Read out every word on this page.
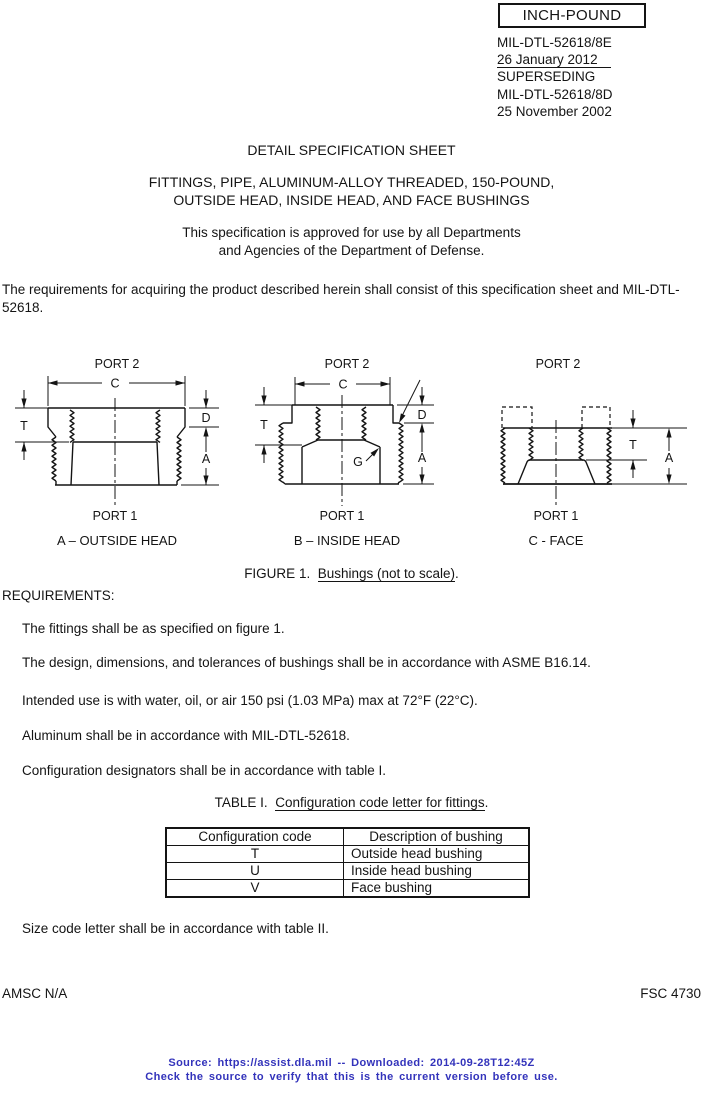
INCH-POUND
MIL-DTL-52618/8E
26 January 2012
SUPERSEDING
MIL-DTL-52618/8D
25 November 2002
DETAIL SPECIFICATION SHEET
FITTINGS, PIPE, ALUMINUM-ALLOY THREADED, 150-POUND,
OUTSIDE HEAD, INSIDE HEAD, AND FACE BUSHINGS
This specification is approved for use by all Departments
and Agencies of the Department of Defense.
The requirements for acquiring the product described herein shall consist of this specification sheet and MIL-DTL-52618.
PORT 2
C
T
D
A
PORT 1
A – OUTSIDE HEAD
PORT 2
C
T
D
A
G
PORT 1
B – INSIDE HEAD
PORT 2
T
A
PORT 1
C - FACE
FIGURE 1. Bushings (not to scale).
REQUIREMENTS:
The fittings shall be as specified on figure 1.
The design, dimensions, and tolerances of bushings shall be in accordance with ASME B16.14.
Intended use is with water, oil, or air 150 psi (1.03 MPa) max at 72°F (22°C).
Aluminum shall be in accordance with MIL-DTL-52618.
Configuration designators shall be in accordance with table I.
TABLE I. Configuration code letter for fittings.
Configuration code	Description of bushing
T	Outside head bushing
U	Inside head bushing
V	Face bushing
Size code letter shall be in accordance with table II.
AMSC N/A	FSC 4730
Source: https://assist.dla.mil -- Downloaded: 2014-09-28T12:45Z
Check the source to verify that this is the current version before use.
